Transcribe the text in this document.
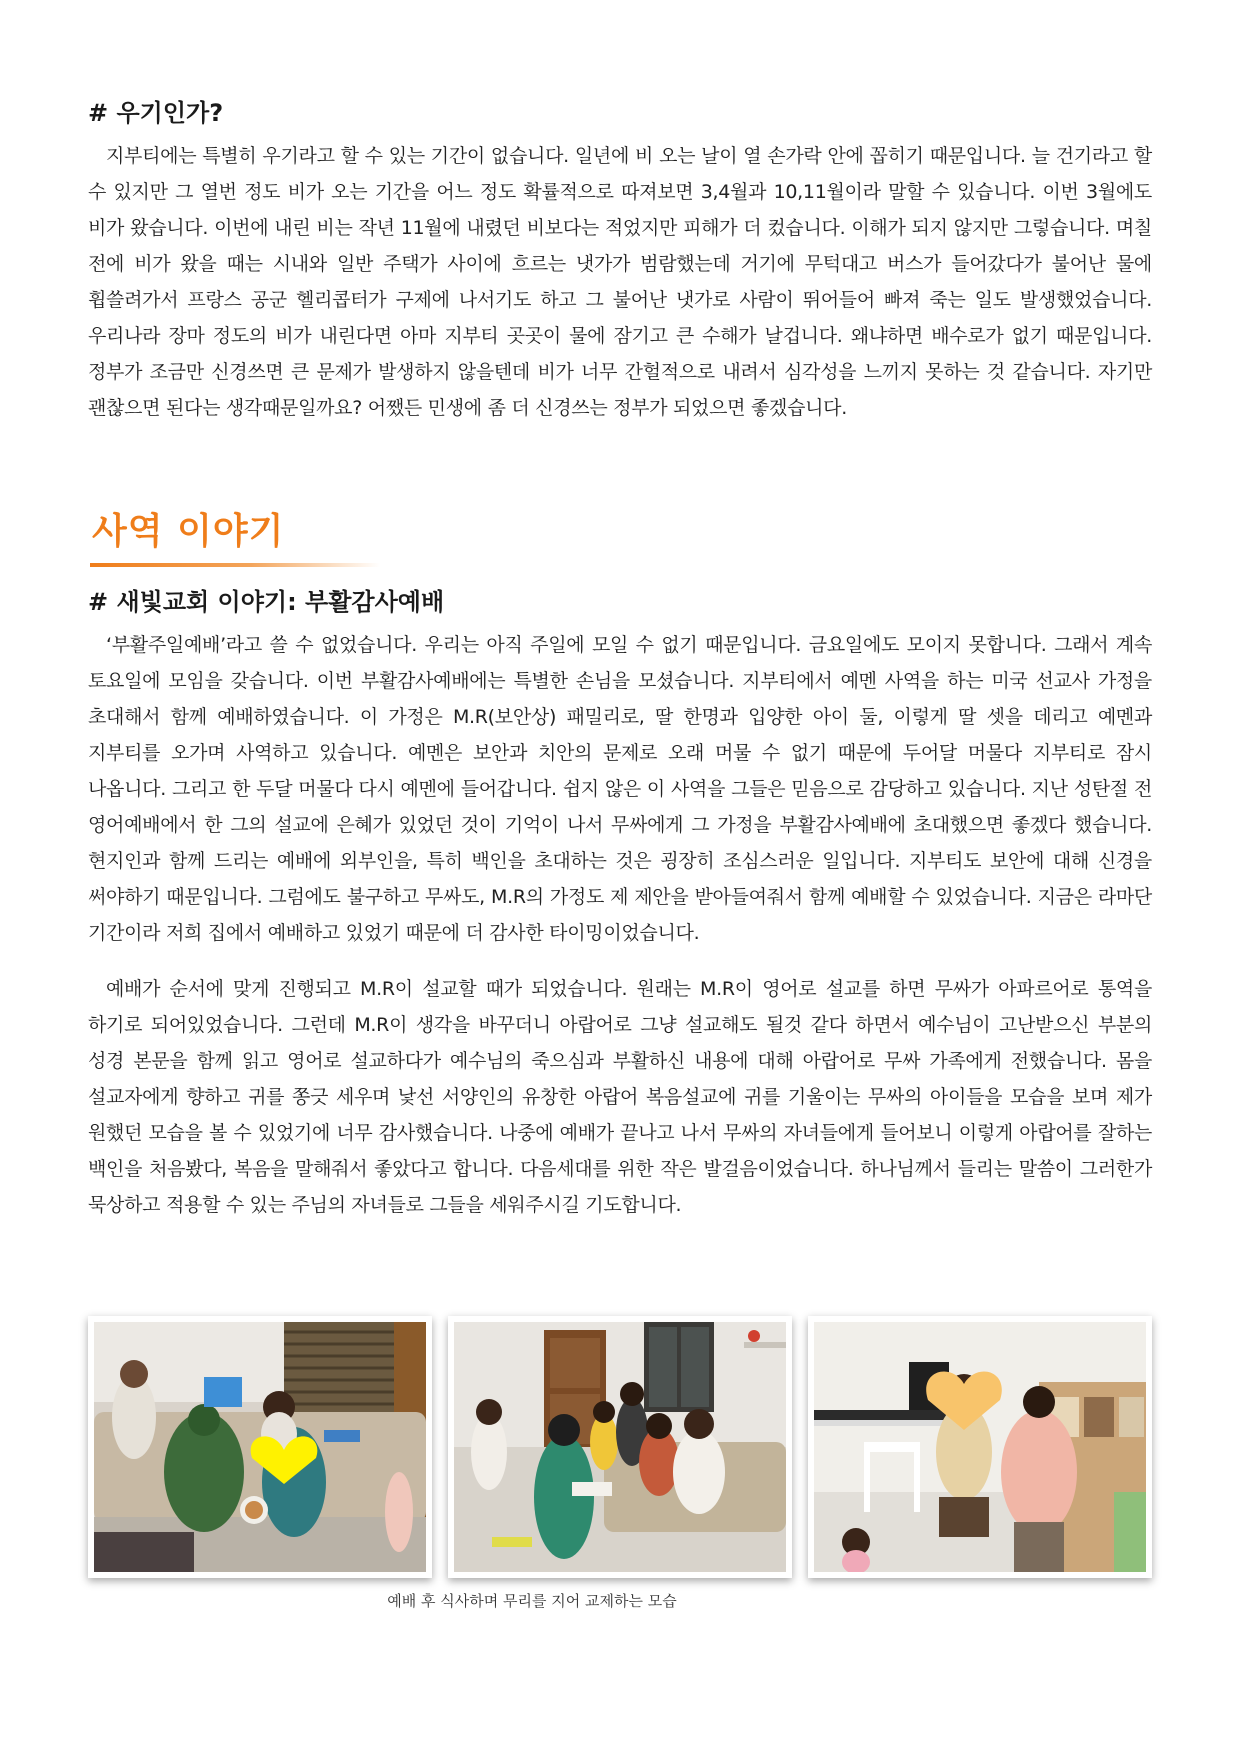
# 우기인가?

지부티에는 특별히 우기라고 할 수 있는 기간이 없습니다. 일년에 비 오는 날이 열 손가락 안에 꼽히기 때문입니다. 늘 건기라고 할 수 있지만 그 열번 정도 비가 오는 기간을 어느 정도 확률적으로 따져보면 3,4월과 10,11월이라 말할 수 있습니다. 이번 3월에도 비가 왔습니다. 이번에 내린 비는 작년 11월에 내렸던 비보다는 적었지만 피해가 더 컸습니다. 이해가 되지 않지만 그렇습니다. 며칠 전에 비가 왔을 때는 시내와 일반 주택가 사이에 흐르는 냇가가 범람했는데 거기에 무턱대고 버스가 들어갔다가 불어난 물에 휩쓸려가서 프랑스 공군 헬리콥터가 구제에 나서기도 하고 그 불어난 냇가로 사람이 뛰어들어 빠져 죽는 일도 발생했었습니다. 우리나라 장마 정도의 비가 내린다면 아마 지부티 곳곳이 물에 잠기고 큰 수해가 날겁니다. 왜냐하면 배수로가 없기 때문입니다. 정부가 조금만 신경쓰면 큰 문제가 발생하지 않을텐데 비가 너무 간헐적으로 내려서 심각성을 느끼지 못하는 것 같습니다. 자기만 괜찮으면 된다는 생각때문일까요? 어쨌든 민생에 좀 더 신경쓰는 정부가 되었으면 좋겠습니다.

사역 이야기
# 새빛교회 이야기: 부활감사예배

‘부활주일예배’라고 쓸 수 없었습니다. 우리는 아직 주일에 모일 수 없기 때문입니다. 금요일에도 모이지 못합니다. 그래서 계속 토요일에 모임을 갖습니다. 이번 부활감사예배에는 특별한 손님을 모셨습니다. 지부티에서 예멘 사역을 하는 미국 선교사 가정을 초대해서 함께 예배하였습니다. 이 가정은 M.R(보안상) 패밀리로, 딸 한명과 입양한 아이 둘, 이렇게 딸 셋을 데리고 예멘과 지부티를 오가며 사역하고 있습니다. 예멘은 보안과 치안의 문제로 오래 머물 수 없기 때문에 두어달 머물다 지부티로 잠시 나옵니다. 그리고 한 두달 머물다 다시 예멘에 들어갑니다. 쉽지 않은 이 사역을 그들은 믿음으로 감당하고 있습니다. 지난 성탄절 전 영어예배에서 한 그의 설교에 은혜가 있었던 것이 기억이 나서 무싸에게 그 가정을 부활감사예배에 초대했으면 좋겠다 했습니다. 현지인과 함께 드리는 예배에 외부인을, 특히 백인을 초대하는 것은 굉장히 조심스러운 일입니다. 지부티도 보안에 대해 신경을 써야하기 때문입니다. 그럼에도 불구하고 무싸도, M.R의 가정도 제 제안을 받아들여줘서 함께 예배할 수 있었습니다. 지금은 라마단 기간이라 저희 집에서 예배하고 있었기 때문에 더 감사한 타이밍이었습니다.

예배가 순서에 맞게 진행되고 M.R이 설교할 때가 되었습니다. 원래는 M.R이 영어로 설교를 하면 무싸가 아파르어로 통역을 하기로 되어있었습니다. 그런데 M.R이 생각을 바꾸더니 아랍어로 그냥 설교해도 될것 같다 하면서 예수님이 고난받으신 부분의 성경 본문을 함께 읽고 영어로 설교하다가 예수님의 죽으심과 부활하신 내용에 대해 아랍어로 무싸 가족에게 전했습니다. 몸을 설교자에게 향하고 귀를 쫑긋 세우며 낯선 서양인의 유창한 아랍어 복음설교에 귀를 기울이는 무싸의 아이들을 모습을 보며 제가 원했던 모습을 볼 수 있었기에 너무 감사했습니다. 나중에 예배가 끝나고 나서 무싸의 자녀들에게 들어보니 이렇게 아랍어를 잘하는 백인을 처음봤다, 복음을 말해줘서 좋았다고 합니다. 다음세대를 위한 작은 발걸음이었습니다. 하나님께서 들리는 말씀이 그러한가 묵상하고 적용할 수 있는 주님의 자녀들로 그들을 세워주시길 기도합니다.

예배 후 식사하며 무리를 지어 교제하는 모습
